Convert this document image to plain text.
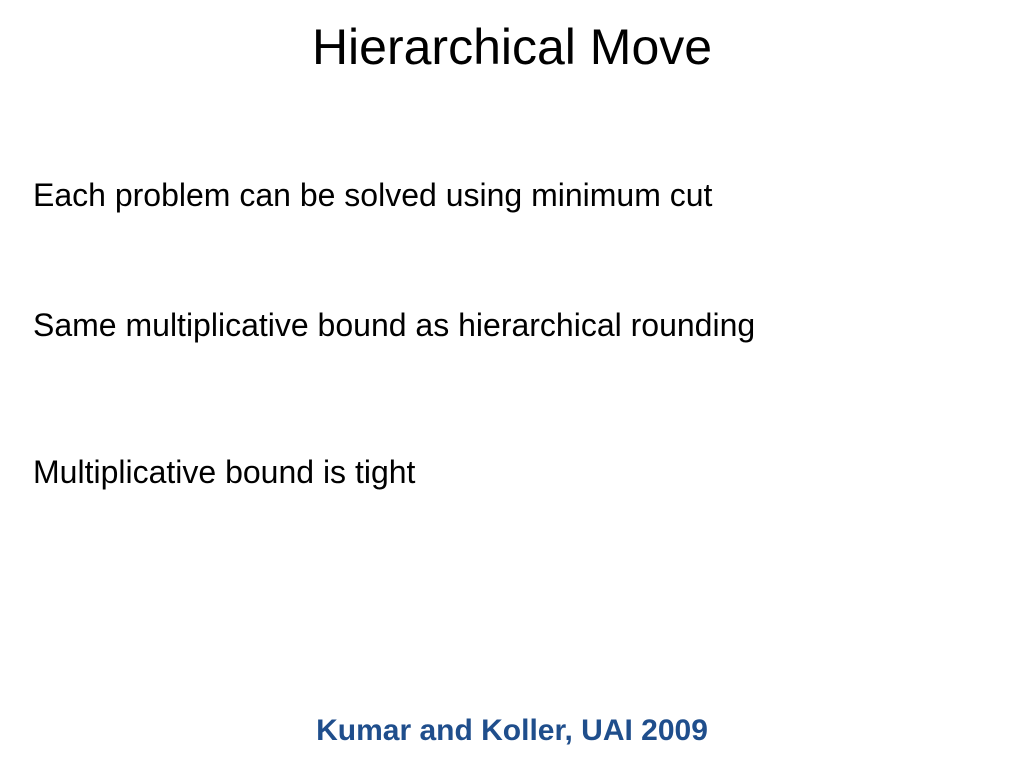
Hierarchical Move

Each problem can be solved using minimum cut

Same multiplicative bound as hierarchical rounding

Multiplicative bound is tight

Kumar and Koller, UAI 2009
